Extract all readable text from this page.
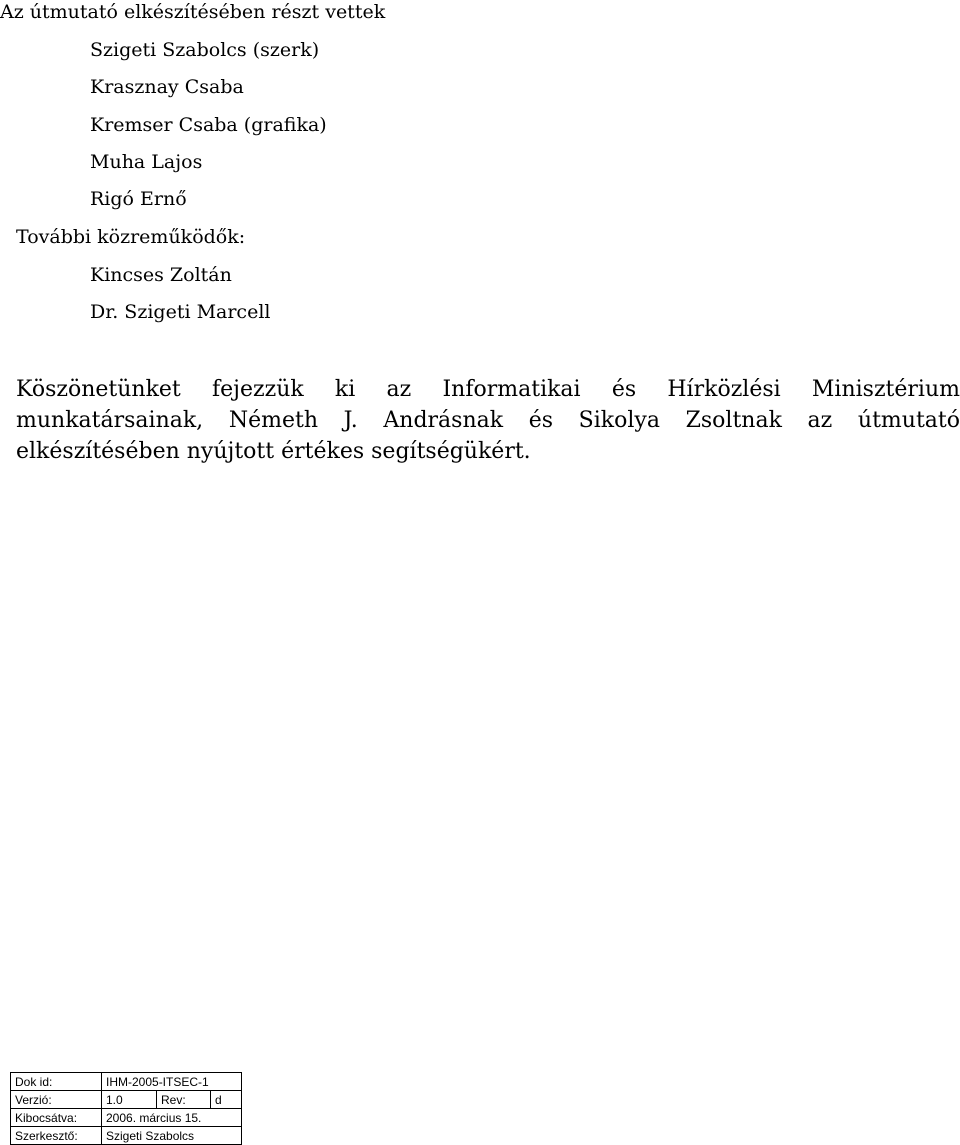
Az útmutató elkészítésében részt vettek
Szigeti Szabolcs (szerk)
Krasznay Csaba
Kremser Csaba (grafika)
Muha Lajos
Rigó Ernő
További közreműködők:
Kincses Zoltán
Dr. Szigeti Marcell

Köszönetünket fejezzük ki az Informatikai és Hírközlési Minisztérium munkatársainak, Németh J. Andrásnak és Sikolya Zsoltnak az útmutató elkészítésében nyújtott értékes segítségükért.

Dok id:	IHM-2005-ITSEC-1		
Verzió:	1.0	Rev:	d
Kibocsátva:	2006. március 15.		
Szerkesztő:	Szigeti Szabolcs		
